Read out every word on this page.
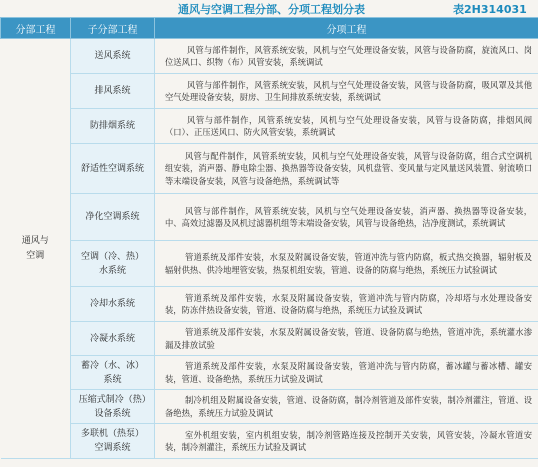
通风与空调工程分部、分项工程划分表	表2H314031
分部工程	子分部工程	分项工程
通风与空调	送风系统	风管与部件制作，风管系统安装，风机与空气处理设备安装，风管与设备防腐，旋流风口、岗位送风口、织物（布）风管安装，系统调试
	排风系统	风管与部件制作，风管系统安装，风机与空气处理设备安装，风管与设备防腐，吸风罩及其他空气处理设备安装，厨房、卫生间排放系统安装，系统调试
	防排烟系统	风管与部件制作，风管系统安装，风机与空气处理设备安装，风管与设备防腐，排烟风阀（口）、正压送风口、防火风管安装，系统调试
	舒适性空调系统	风管与配件制作，风管系统安装，风机与空气处理设备安装，风管与设备防腐，组合式空调机组安装，消声器、静电除尘器、换热器等设备安装，风机盘管、变风量与定风量送风装置、射流喷口等末端设备安装，风管与设备绝热，系统调试等
	净化空调系统	风管与部件制作，风管系统安装，风机与空气处理设备安装，消声器、换热器等设备安装，中、高效过滤器及风机过滤器机组等末端设备安装，风管与设备绝热，洁净度测试，系统调试
	空调（冷、热）水系统	管道系统及部件安装，水泵及附属设备安装，管道冲洗与管内防腐，板式热交换器，辐射板及辐射供热、供冷地埋管安装，热泵机组安装，管道、设备的防腐与绝热，系统压力试验调试
	冷却水系统	管道系统及部件安装，水泵及附属设备安装，管道冲洗与管内防腐，冷却塔与水处理设备安装，防冻伴热设备安装，管道、设备防腐与绝热，系统压力试验及调试
	冷凝水系统	管道系统及部件安装，水泵及附属设备安装，管道、设备防腐与绝热，管道冲洗，系统灌水渗漏及排放试验
	蓄冷（水、冰）系统	管道系统及部件安装，水泵及附属设备安装，管道冲洗与管内防腐，蓄冰罐与蓄冰槽、罐安装，管道、设备绝热，系统压力试验及调试
	压缩式制冷（热）设备系统	制冷机组及附属设备安装，管道、设备防腐，制冷剂管道及部件安装，制冷剂灌注，管道、设备绝热，系统压力试验及调试
	多联机（热泵）空调系统	室外机组安装，室内机组安装，制冷剂管路连接及控制开关安装，风管安装，冷凝水管道安装，制冷剂灌注，系统压力试验及调试
